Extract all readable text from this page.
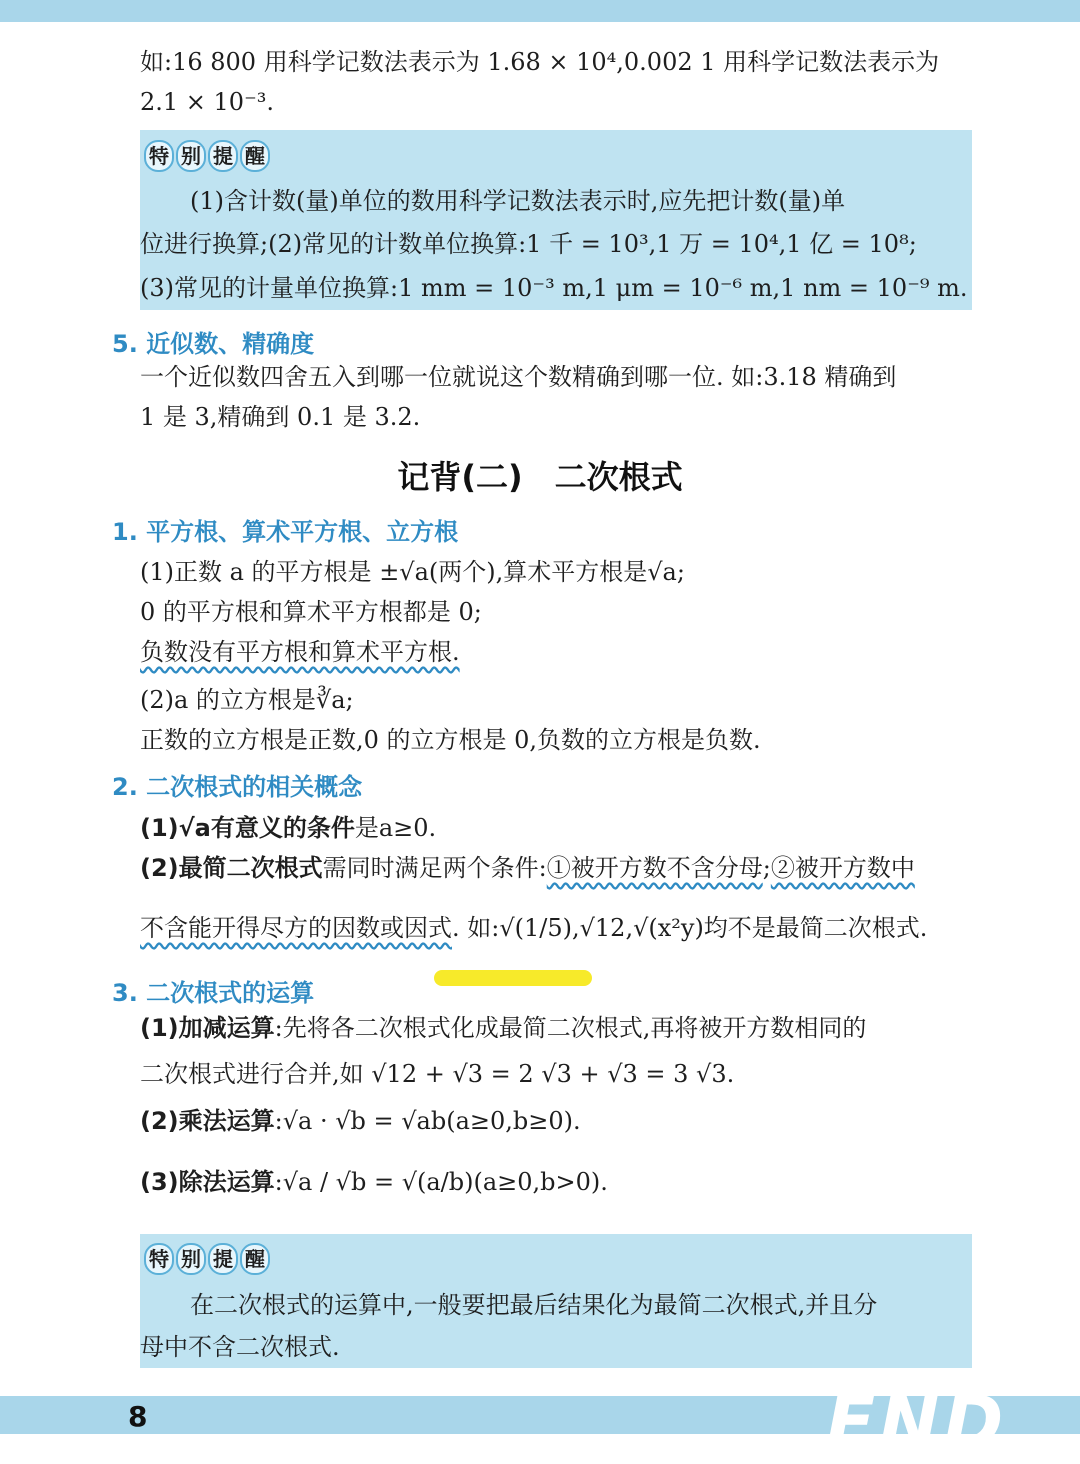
如:16 800 用科学记数法表示为 1.68 × 10⁴,0.002 1 用科学记数法表示为
2.1 × 10⁻³.
特 别 提 醒
(1)含计数(量)单位的数用科学记数法表示时,应先把计数(量)单
位进行换算;(2)常见的计数单位换算:1 千 = 10³,1 万 = 10⁴,1 亿 = 10⁸;
(3)常见的计量单位换算:1 mm = 10⁻³ m,1 μm = 10⁻⁶ m,1 nm = 10⁻⁹ m.
5. 近似数、精确度
一个近似数四舍五入到哪一位就说这个数精确到哪一位. 如:3.18 精确到
1 是 3,精确到 0.1 是 3.2.
记背(二)　二次根式
1. 平方根、算术平方根、立方根
(1)正数 a 的平方根是 ±√a(两个),算术平方根是√a;
0 的平方根和算术平方根都是 0;
负数没有平方根和算术平方根.
(2)a 的立方根是∛a;
正数的立方根是正数,0 的立方根是 0,负数的立方根是负数.
2. 二次根式的相关概念
(1)√a有意义的条件是a≥0.
(2)最简二次根式需同时满足两个条件:①被开方数不含分母;②被开方数中
不含能开得尽方的因数或因式. 如:√(1/5),√12,√(x²y)均不是最简二次根式.
3. 二次根式的运算
(1)加减运算:先将各二次根式化成最简二次根式,再将被开方数相同的
二次根式进行合并,如 √12 + √3 = 2 √3 + √3 = 3 √3.
(2)乘法运算:√a · √b = √ab(a≥0,b≥0).
(3)除法运算:√a / √b = √(a/b)(a≥0,b>0).
特 别 提 醒
在二次根式的运算中,一般要把最后结果化为最简二次根式,并且分
母中不含二次根式.
8	END
